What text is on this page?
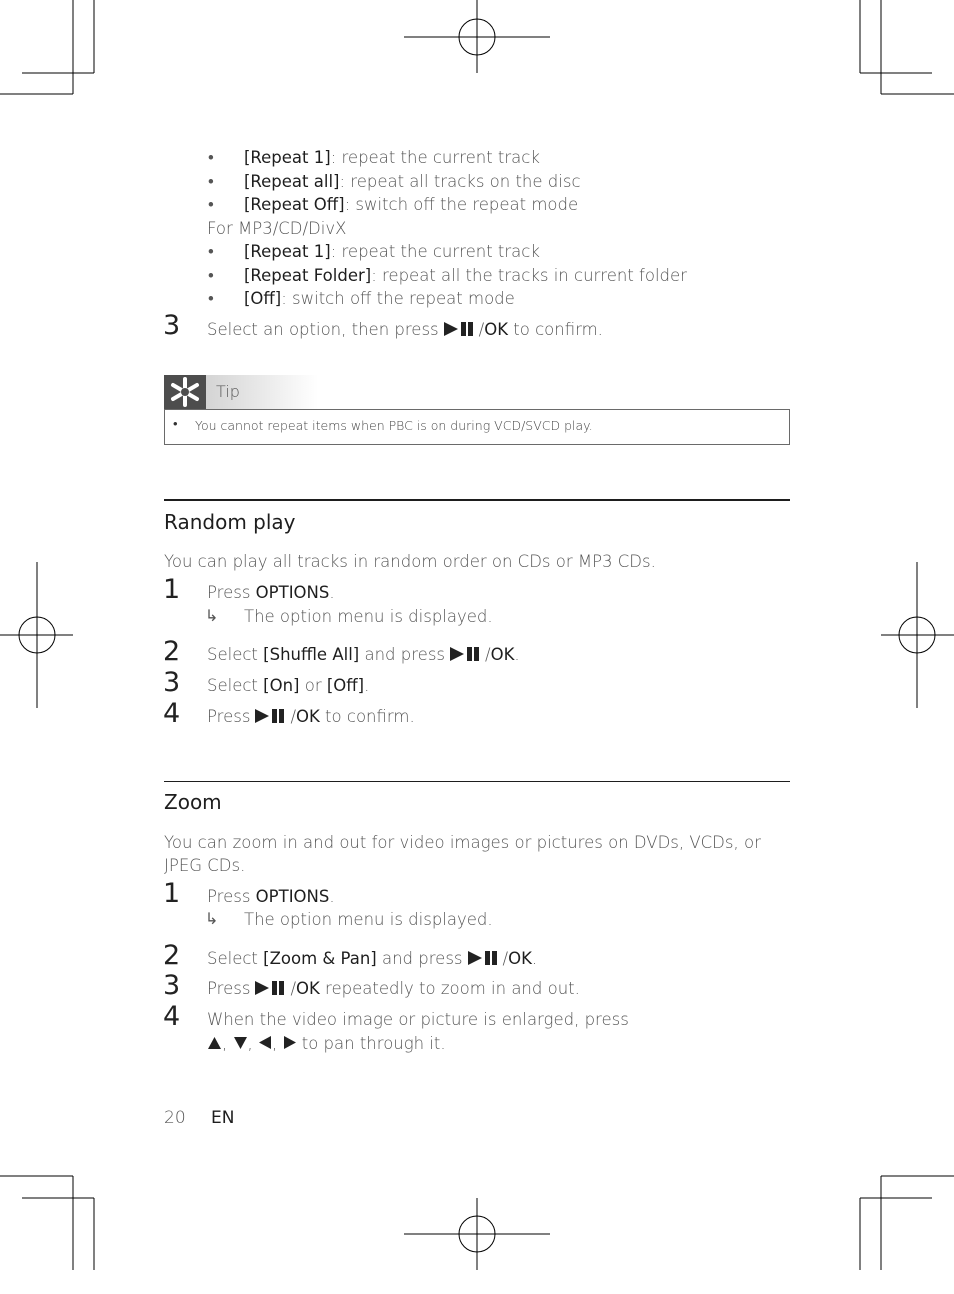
• [Repeat 1]: repeat the current track
• [Repeat all]: repeat all tracks on the disc
• [Repeat Off]: switch off the repeat mode
For MP3/CD/DivX
• [Repeat 1]: repeat the current track
• [Repeat Folder]: repeat all the tracks in current folder
• [Off]: switch off the repeat mode
3 Select an option, then press /OK to confirm.
Tip
• You cannot repeat items when PBC is on during VCD/SVCD play.
Random play
You can play all tracks in random order on CDs or MP3 CDs.
1 Press OPTIONS.
↳ The option menu is displayed.
2 Select [Shuffle All] and press /OK.
3 Select [On] or [Off].
4 Press /OK to confirm.
Zoom
You can zoom in and out for video images or pictures on DVDs, VCDs, or JPEG CDs.
1 Press OPTIONS.
↳ The option menu is displayed.
2 Select [Zoom & Pan] and press /OK.
3 Press /OK repeatedly to zoom in and out.
4 When the video image or picture is enlarged, press
, , ,  to pan through it.
20 EN
